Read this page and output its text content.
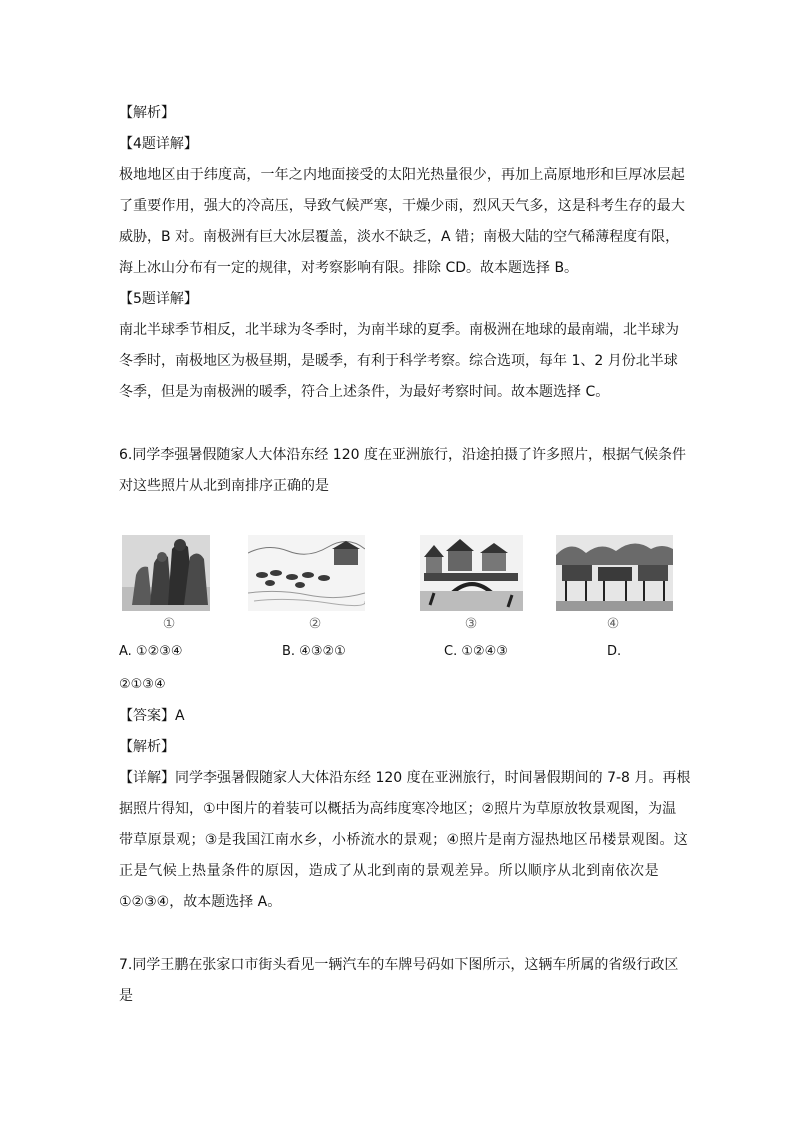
【解析】
【4题详解】
极地地区由于纬度高，一年之内地面接受的太阳光热量很少，再加上高原地形和巨厚冰层起
了重要作用，强大的冷高压，导致气候严寒，干燥少雨，烈风天气多，这是科考生存的最大
威胁，B 对。南极洲有巨大冰层覆盖，淡水不缺乏，A 错；南极大陆的空气稀薄程度有限，
海上冰山分布有一定的规律，对考察影响有限。排除 CD。故本题选择 B。
【5题详解】
南北半球季节相反，北半球为冬季时，为南半球的夏季。南极洲在地球的最南端，北半球为
冬季时，南极地区为极昼期，是暖季，有利于科学考察。综合选项，每年 1、2 月份北半球
冬季，但是为南极洲的暖季，符合上述条件，为最好考察时间。故本题选择 C。
6.同学李强暑假随家人大体沿东经 120 度在亚洲旅行，沿途拍摄了许多照片，根据气候条件
对这些照片从北到南排序正确的是
①	②	③	④
A. ①②③④	B. ④③②①	C. ①②④③	D.
②①③④
【答案】A
【解析】
【详解】同学李强暑假随家人大体沿东经 120 度在亚洲旅行，时间暑假期间的 7-8 月。再根
据照片得知，①中图片的着装可以概括为高纬度寒冷地区；②照片为草原放牧景观图，为温
带草原景观；③是我国江南水乡，小桥流水的景观；④照片是南方湿热地区吊楼景观图。这
正是气候上热量条件的原因，造成了从北到南的景观差异。所以顺序从北到南依次是
①②③④，故本题选择 A。
7.同学王鹏在张家口市街头看见一辆汽车的车牌号码如下图所示，这辆车所属的省级行政区
是
